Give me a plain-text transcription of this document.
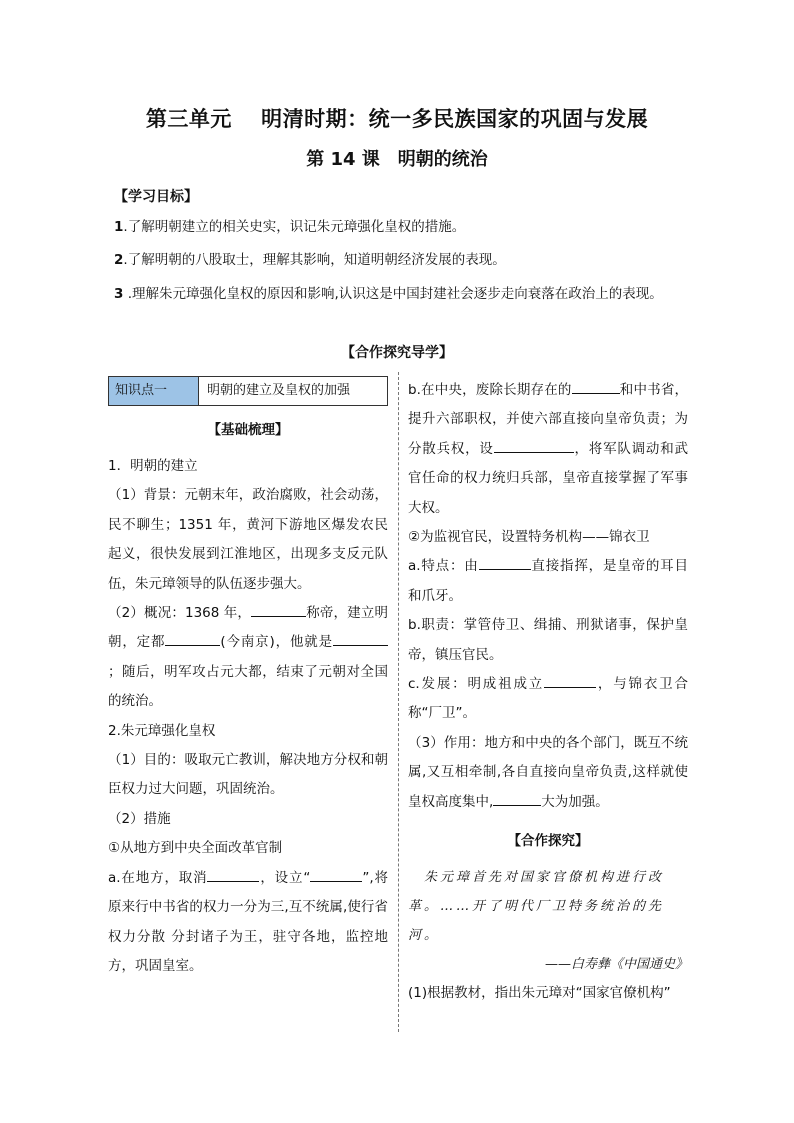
第三单元　 明清时期：统一多民族国家的巩固与发展
第 14 课　明朝的统治
【学习目标】
1.了解明朝建立的相关史实，识记朱元璋强化皇权的措施。
2.了解明朝的八股取士，理解其影响，知道明朝经济发展的表现。
3 .理解朱元璋强化皇权的原因和影响,认识这是中国封建社会逐步走向衰落在政治上的表现。
【合作探究导学】
知识点一	明朝的建立及皇权的加强
【基础梳理】

1．明朝的建立

（1）背景：元朝末年，政治腐败，社会动荡，民不聊生；1351 年，黄河下游地区爆发农民起义，很快发展到江淮地区，出现多支反元队伍，朱元璋领导的队伍逐步强大。

（2）概况：1368 年，	称帝，建立明朝，定都	(今南京)，他就是；随后，明军攻占元大都，结束了元朝对全国的统治。

2.朱元璋强化皇权

（1）目的：吸取元亡教训，解决地方分权和朝臣权力过大问题，巩固统治。

（2）措施

①从地方到中央全面改革官制

a.在地方，取消	，设立“	”,将原来行中书省的权力一分为三,互不统属,使行省权力分散 分封诸子为王，驻守各地，监控地方，巩固皇室。

b.在中央，废除长期存在的	和中书省，提升六部职权，并使六部直接向皇帝负责；为分散兵权，设	，将军队调动和武官任命的权力统归兵部，皇帝直接掌握了军事大权。

②为监视官民，设置特务机构——锦衣卫

a.特点：由	直接指挥，是皇帝的耳目和爪牙。

b.职责：掌管侍卫、缉捕、刑狱诸事，保护皇帝，镇压官民。

c.发展：明成祖成立	，与锦衣卫合称“厂卫”。

（3）作用：地方和中央的各个部门，既互不统属,又互相牵制,各自直接向皇帝负责,这样就使皇权高度集中,	大为加强。

【合作探究】

　朱元璋首先对国家官僚机构进行改

革。……开了明代厂卫特务统治的先河。

——白寿彝《中国通史》

(1)根据教材，指出朱元璋对“国家官僚机构”
